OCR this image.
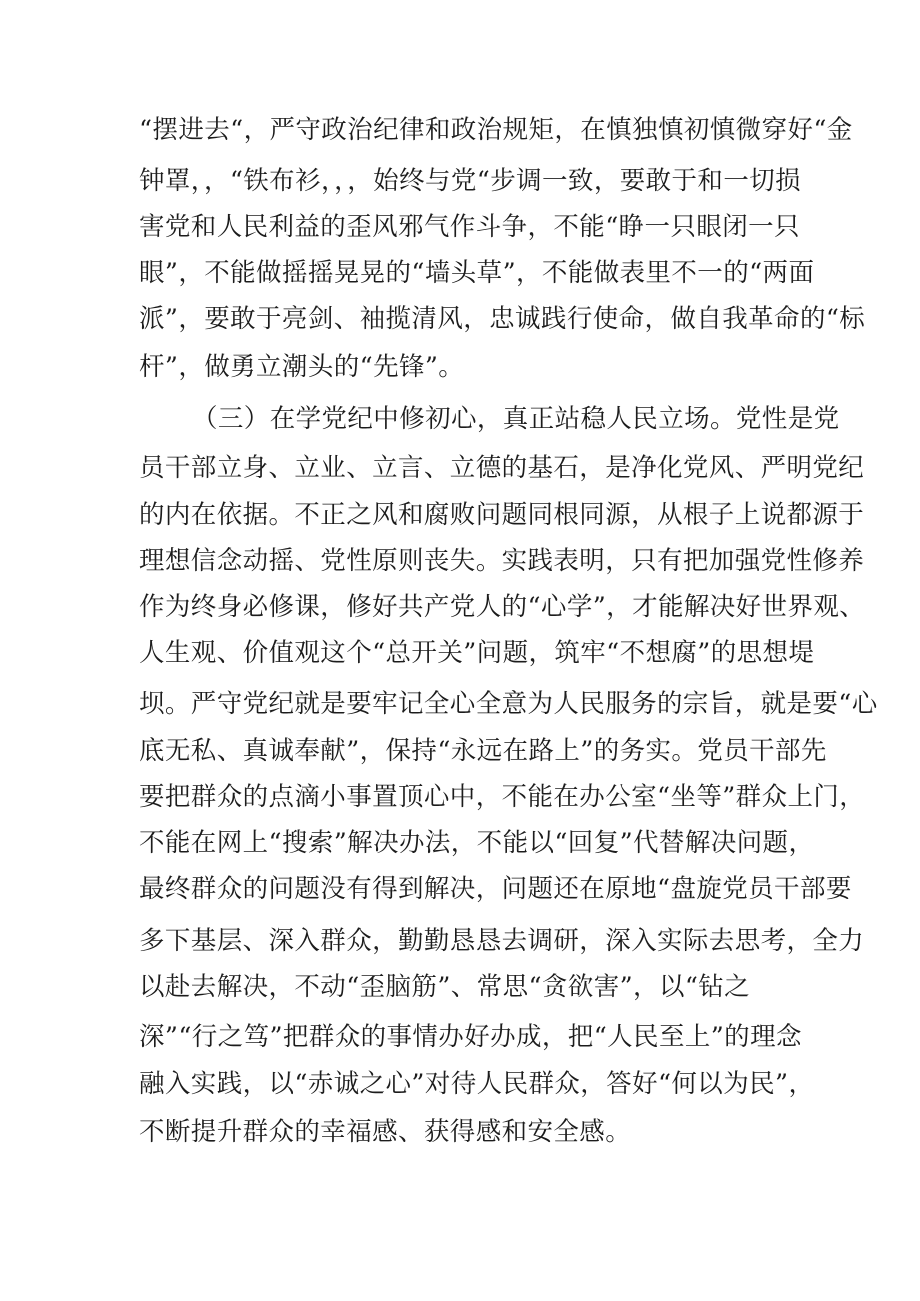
“摆进去“，严守政治纪律和政治规矩，在慎独慎初慎微穿好“金
钟罩，，“铁布衫，，，始终与党“步调一致，要敢于和一切损
害党和人民利益的歪风邪气作斗争，不能“睁一只眼闭一只
眼”，不能做摇摇晃晃的“墙头草”，不能做表里不一的“两面
派”，要敢于亮剑、袖揽清风，忠诚践行使命，做自我革命的“标
杆”，做勇立潮头的“先锋”。
（三）在学党纪中修初心，真正站稳人民立场。党性是党
员干部立身、立业、立言、立德的基石，是净化党风、严明党纪
的内在依据。不正之风和腐败问题同根同源，从根子上说都源于
理想信念动摇、党性原则丧失。实践表明，只有把加强党性修养
作为终身必修课，修好共产党人的“心学”，才能解决好世界观、
人生观、价值观这个“总开关”问题，筑牢“不想腐”的思想堤
坝。严守党纪就是要牢记全心全意为人民服务的宗旨，就是要“心
底无私、真诚奉献”，保持“永远在路上”的务实。党员干部先
要把群众的点滴小事置顶心中，不能在办公室“坐等”群众上门，
不能在网上“搜索”解决办法，不能以“回复”代替解决问题，
最终群众的问题没有得到解决，问题还在原地“盘旋党员干部要
多下基层、深入群众，勤勤恳恳去调研，深入实际去思考，全力
以赴去解决，不动“歪脑筋”、常思“贪欲害”，以“钻之
深”“行之笃”把群众的事情办好办成，把“人民至上”的理念
融入实践，以“赤诚之心”对待人民群众，答好“何以为民”，
不断提升群众的幸福感、获得感和安全感。
